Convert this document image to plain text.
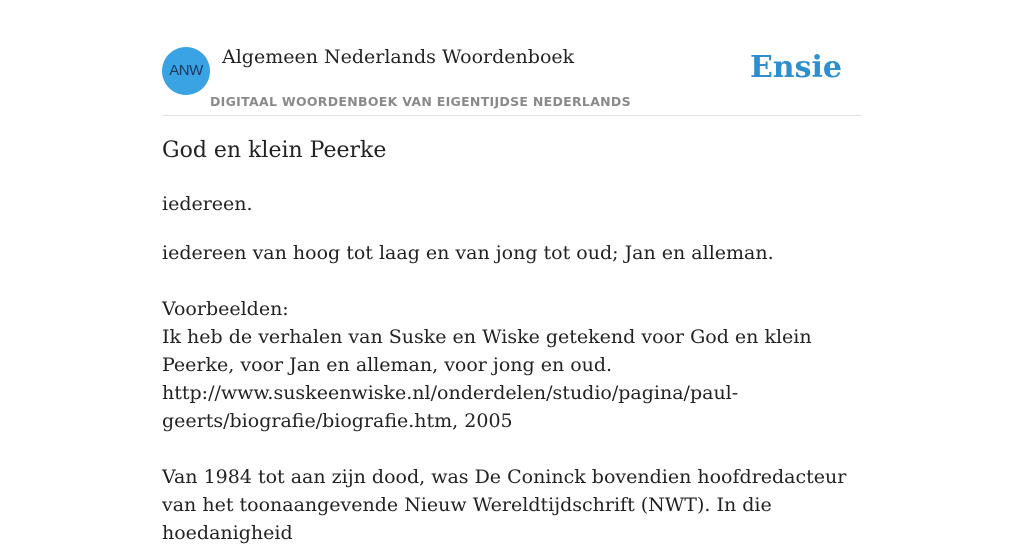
ANW
Algemeen Nederlands Woordenboek
DIGITAAL WOORDENBOEK VAN EIGENTIJDSE NEDERLANDS
Ensie
God en klein Peerke

iedereen.

iedereen van hoog tot laag en van jong tot oud; Jan en alleman.

Voorbeelden:

Ik heb de verhalen van Suske en Wiske getekend voor God en klein Peerke, voor Jan en alleman, voor jong en oud.

http://www.suskeenwiske.nl/onderdelen/studio/pagina/paul-geerts/biografie/biografie.htm, 2005

Van 1984 tot aan zijn dood, was De Coninck bovendien hoofdredacteur van het toonaangevende Nieuw Wereldtijdschrift (NWT). In die hoedanigheid
